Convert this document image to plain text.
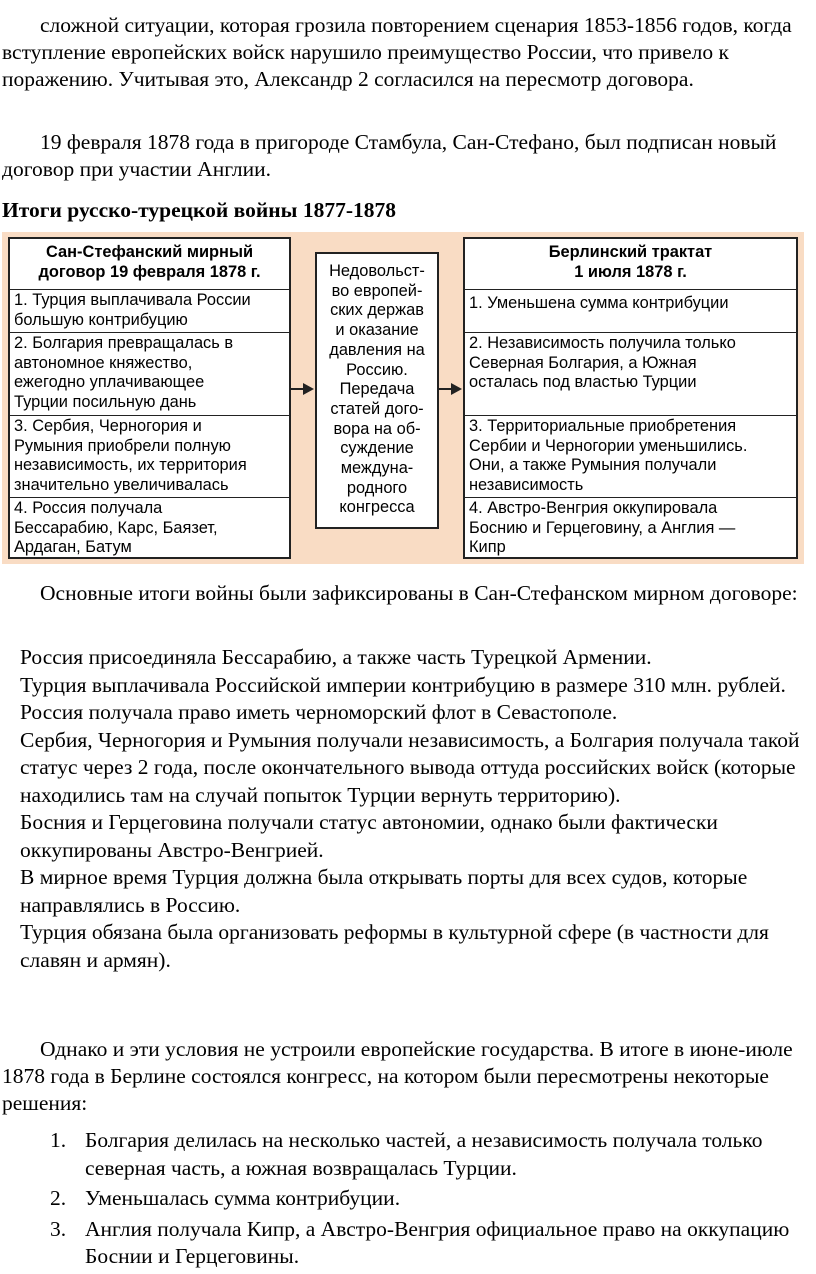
сложной ситуации, которая грозила повторением сценария 1853-1856 годов, когда вступление европейских войск нарушило преимущество России, что привело к поражению. Учитывая это, Александр 2 согласился на пересмотр договора.

19 февраля 1878 года в пригороде Стамбула, Сан-Стефано, был подписан новый договор при участии Англии.

Итоги русско-турецкой войны 1877-1878

Сан-Стефанский мирный
договор 19 февраля 1878 г.
1. Турция выплачивала России
большую контрибуцию
2. Болгария превращалась в
автономное княжество,
ежегодно уплачивающее
Турции посильную дань
3. Сербия, Черногория и
Румыния приобрели полную
независимость, их территория
значительно увеличивалась
4. Россия получала
Бессарабию, Карс, Баязет,
Ардаган, Батум
Недовольст-
во европей-
ских держав
и оказание
давления на
Россию.
Передача
статей дого-
вора на об-
суждение
междуна-
родного
конгресса
Берлинский трактат
1 июля 1878 г.
1. Уменьшена сумма контрибуции
2. Независимость получила только
Северная Болгария, а Южная
осталась под властью Турции
3. Территориальные приобретения
Сербии и Черногории уменьшились.
Они, а также Румыния получали
независимость
4. Австро-Венгрия оккупировала
Боснию и Герцеговину, а Англия —
Кипр

Основные итоги войны были зафиксированы в Сан-Стефанском мирном договоре:

Россия присоединяла Бессарабию, а также часть Турецкой Армении.
Турция выплачивала Российской империи контрибуцию в размере 310 млн. рублей.
Россия получала право иметь черноморский флот в Севастополе.
Сербия, Черногория и Румыния получали независимость, а Болгария получала такой статус через 2 года, после окончательного вывода оттуда российских войск (которые находились там на случай попыток Турции вернуть территорию).
Босния и Герцеговина получали статус автономии, однако были фактически оккупированы Австро-Венгрией.
В мирное время Турция должна была открывать порты для всех судов, которые направлялись в Россию.
Турция обязана была организовать реформы в культурной сфере (в частности для славян и армян).

Однако и эти условия не устроили европейские государства. В итоге в июне-июле 1878 года в Берлине состоялся конгресс, на котором были пересмотрены некоторые решения:

1. Болгария делилась на несколько частей, а независимость получала только северная часть, а южная возвращалась Турции.
2. Уменьшалась сумма контрибуции.
3. Англия получала Кипр, а Австро-Венгрия официальное право на оккупацию Боснии и Герцеговины.
